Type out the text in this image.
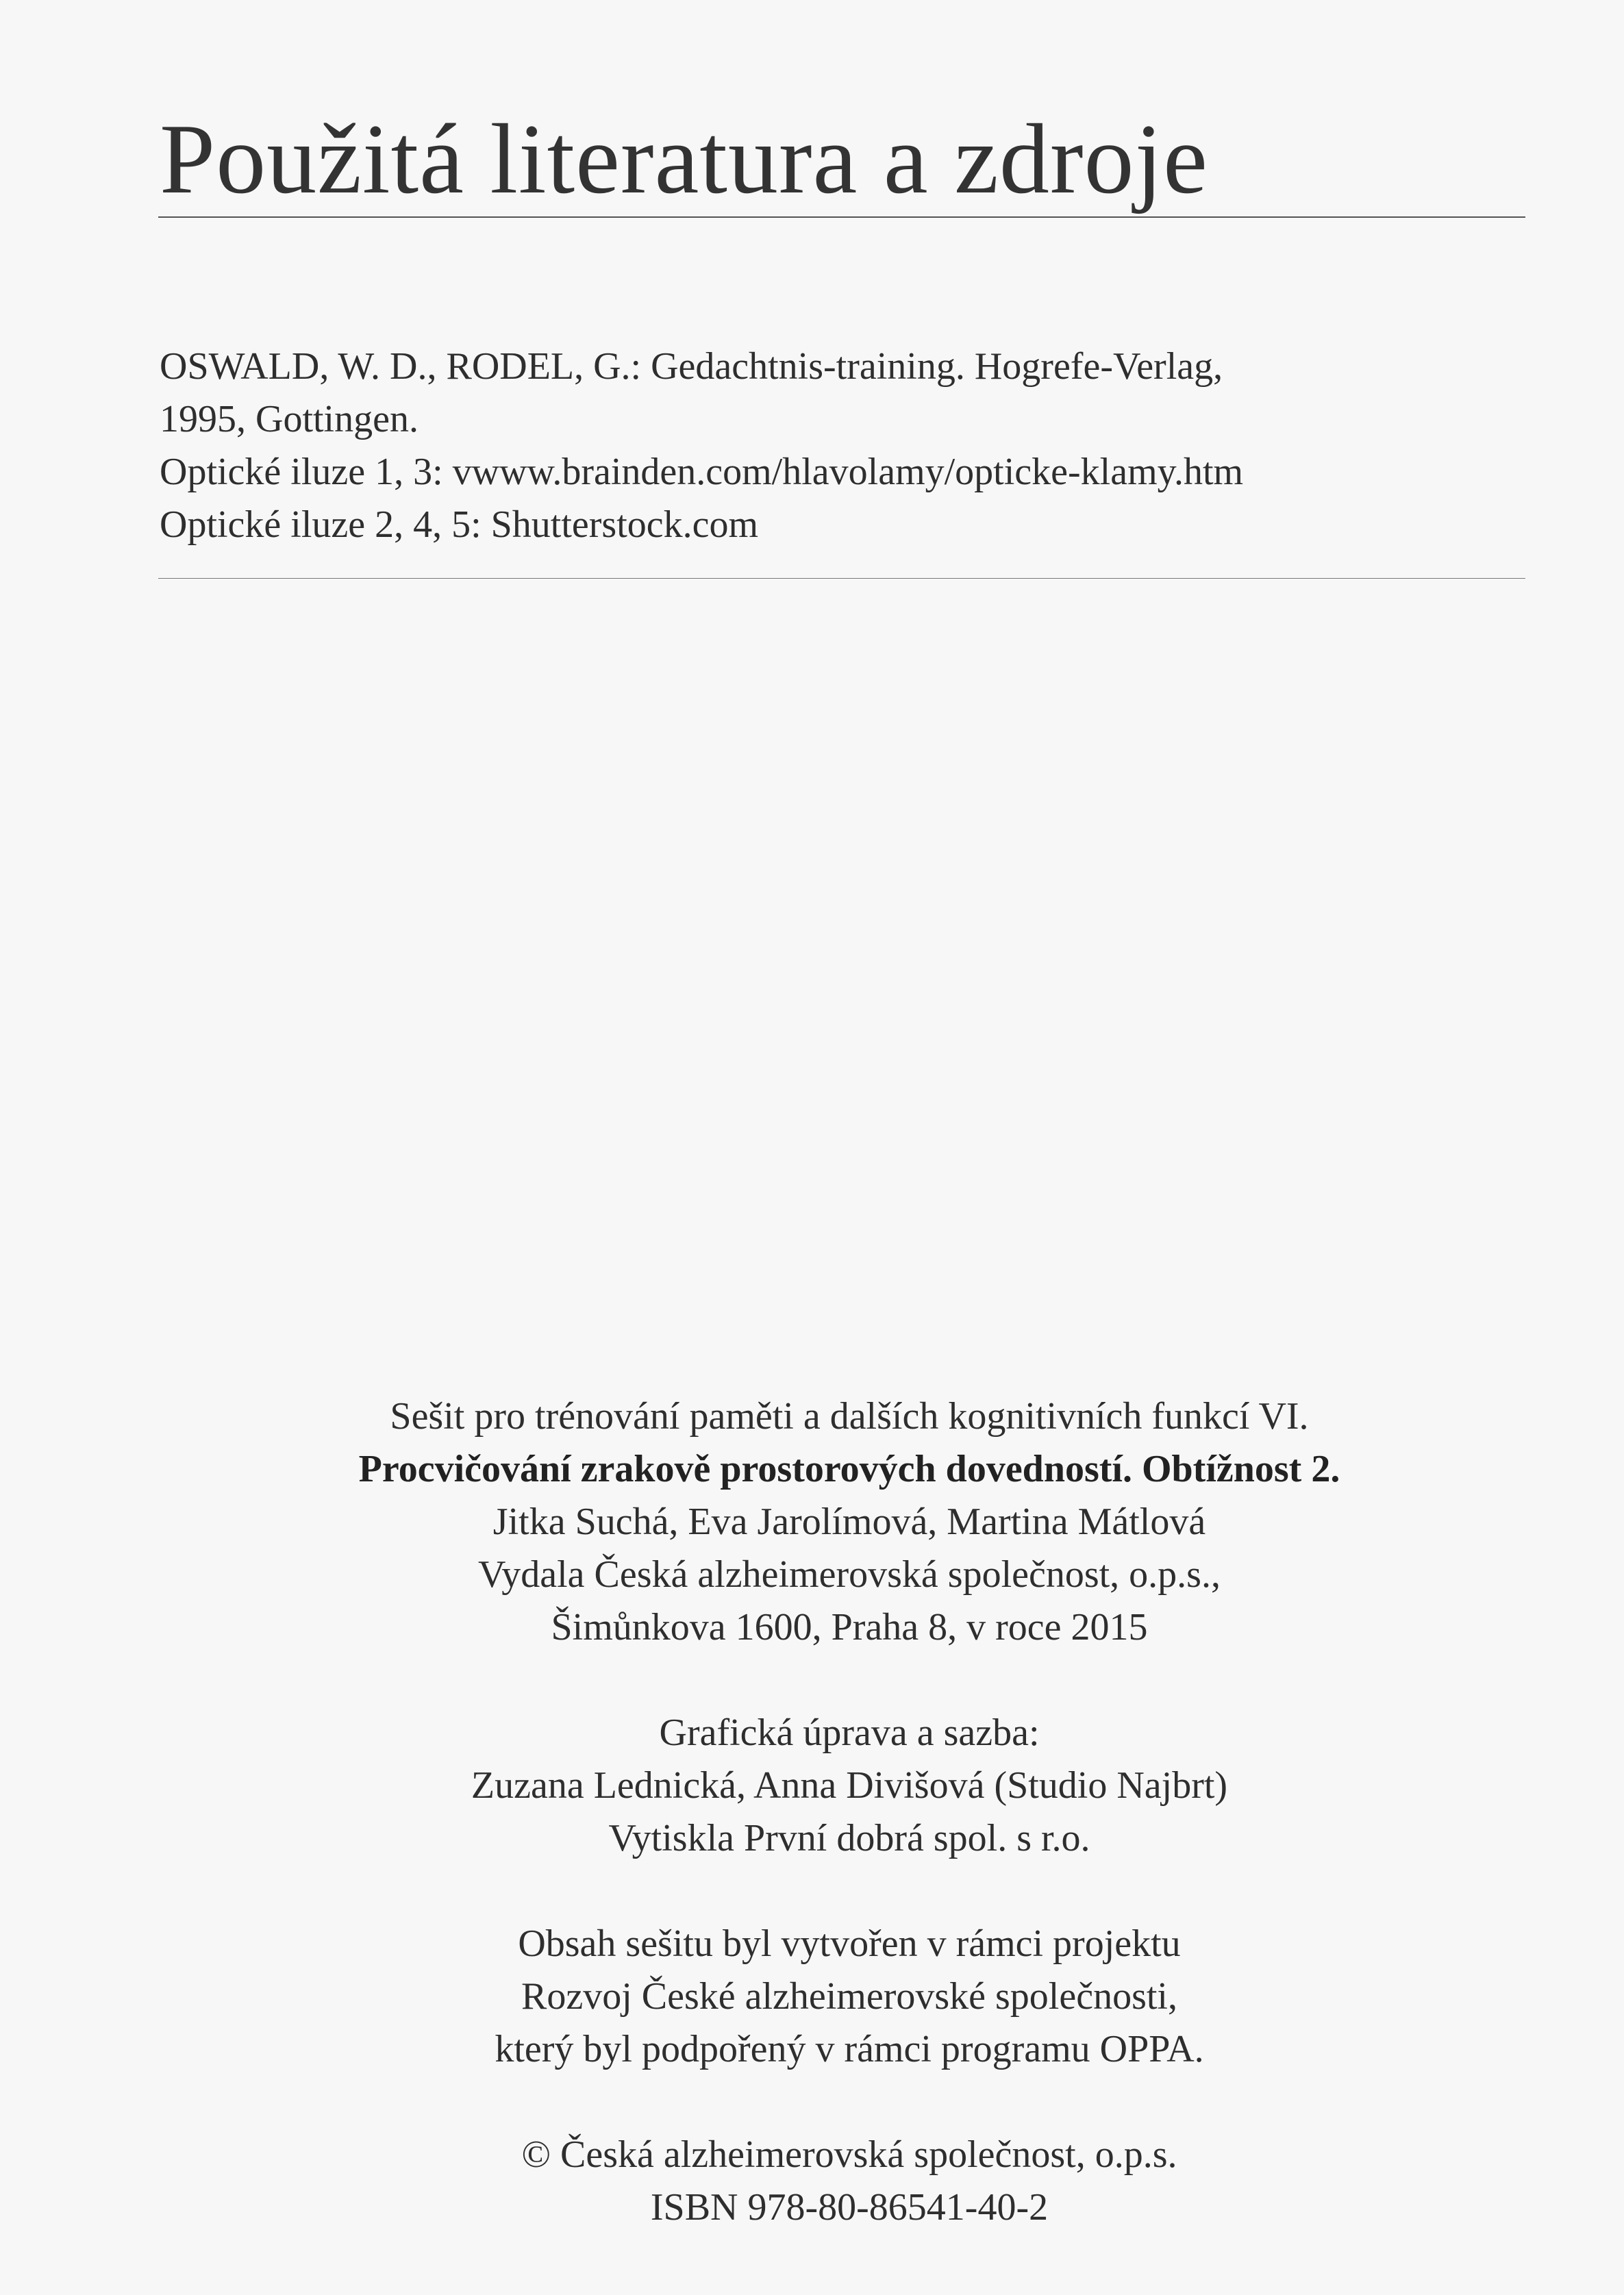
Použitá literatura a zdroje
OSWALD, W. D., RODEL, G.: Gedachtnis-training. Hogrefe-Verlag,
1995, Gottingen.
Optické iluze 1, 3: vwww.brainden.com/hlavolamy/opticke-klamy.htm
Optické iluze 2, 4, 5: Shutterstock.com

Sešit pro trénování paměti a dalších kognitivních funkcí VI.

Procvičování zrakově prostorových dovedností. Obtížnost 2.

Jitka Suchá, Eva Jarolímová, Martina Mátlová

Vydala Česká alzheimerovská společnost, o.p.s.,

Šimůnkova 1600, Praha 8, v roce 2015

Grafická úprava a sazba:

Zuzana Lednická, Anna Divišová (Studio Najbrt)

Vytiskla První dobrá spol. s r.o.

Obsah sešitu byl vytvořen v rámci projektu

Rozvoj České alzheimerovské společnosti,

který byl podpořený v rámci programu OPPA.

© Česká alzheimerovská společnost, o.p.s.

ISBN 978-80-86541-40-2
